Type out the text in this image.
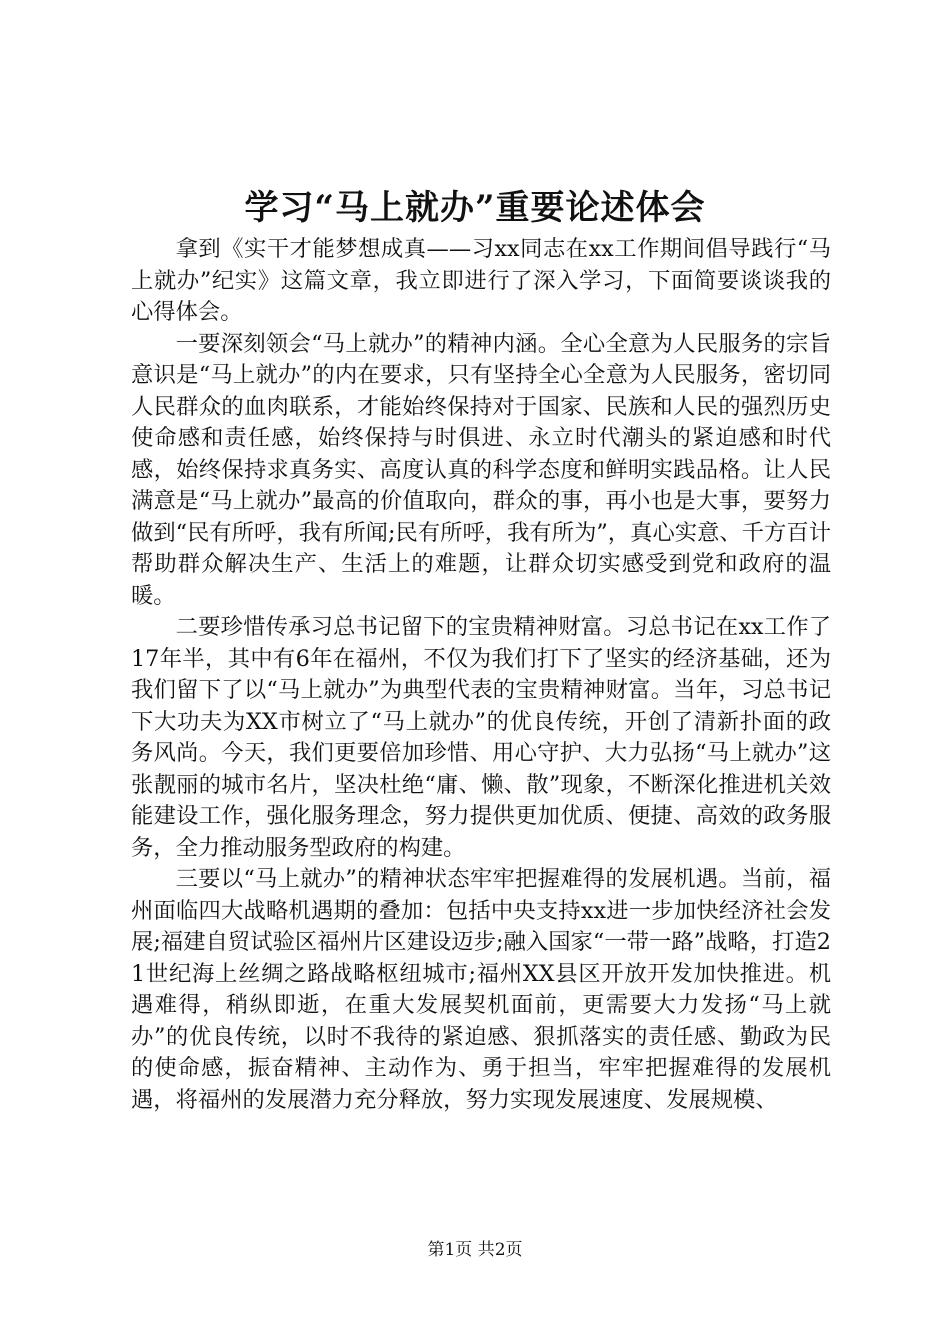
学习“马上就办”重要论述体会

拿到《实干才能梦想成真——习xx同志在xx工作期间倡导践行“马上就办”纪实》这篇文章，我立即进行了深入学习，下面简要谈谈我的心得体会。

一要深刻领会“马上就办”的精神内涵。全心全意为人民服务的宗旨意识是“马上就办”的内在要求，只有坚持全心全意为人民服务，密切同人民群众的血肉联系，才能始终保持对于国家、民族和人民的强烈历史使命感和责任感，始终保持与时俱进、永立时代潮头的紧迫感和时代感，始终保持求真务实、高度认真的科学态度和鲜明实践品格。让人民满意是“马上就办”最高的价值取向，群众的事，再小也是大事，要努力做到“民有所呼，我有所闻;民有所呼，我有所为”，真心实意、千方百计帮助群众解决生产、生活上的难题，让群众切实感受到党和政府的温暖。

二要珍惜传承习总书记留下的宝贵精神财富。习总书记在xx工作了17年半，其中有6年在福州，不仅为我们打下了坚实的经济基础，还为我们留下了以“马上就办”为典型代表的宝贵精神财富。当年，习总书记下大功夫为XX市树立了“马上就办”的优良传统，开创了清新扑面的政务风尚。今天，我们更要倍加珍惜、用心守护、大力弘扬“马上就办”这张靓丽的城市名片，坚决杜绝“庸、懒、散”现象，不断深化推进机关效能建设工作，强化服务理念，努力提供更加优质、便捷、高效的政务服务，全力推动服务型政府的构建。

三要以“马上就办”的精神状态牢牢把握难得的发展机遇。当前，福州面临四大战略机遇期的叠加：包括中央支持xx进一步加快经济社会发展;福建自贸试验区福州片区建设迈步;融入国家“一带一路”战略，打造21世纪海上丝绸之路战略枢纽城市;福州XX县区开放开发加快推进。机遇难得，稍纵即逝，在重大发展契机面前，更需要大力发扬“马上就办”的优良传统，以时不我待的紧迫感、狠抓落实的责任感、勤政为民的使命感，振奋精神、主动作为、勇于担当，牢牢把握难得的发展机遇，将福州的发展潜力充分释放，努力实现发展速度、发展规模、

第1页 共2页
